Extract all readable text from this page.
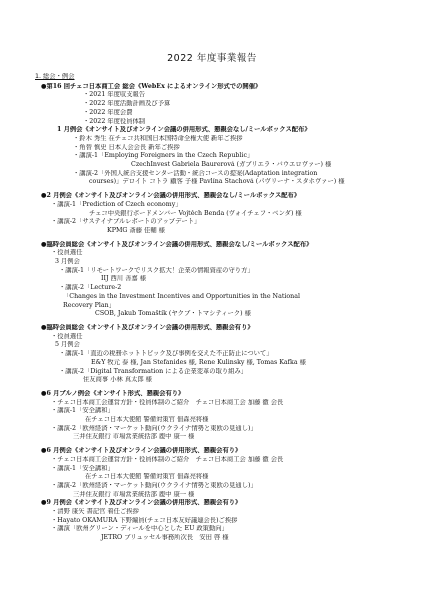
2022 年度事業報告
1. 総会・例会
●第16 回チェコ日本商工会 総会《WebEx によるオンライン形式での開催》
・2021 年度収支報告
・2022 年度活動計画及び予算
・2022 年度会費
・2022 年度役員体制
1 月例会《オンサイト及びオンライン会議の併用形式、懇親会なし/ミールボックス配布》
・鈴木 秀生 在チェコ共和国日本国特命全権大使 新年ご挨拶
・角替 慎史 日本人会会長 新年ご挨拶
・講演-1「Employing Foreigners in the Czech Republic」
CzechInvest Gabriela Baurerová (ガブリエラ・バウエロヴァー) 様
・講演-2「外国人統合支援センター活動・統合コースの提案(Adaptation integration
courses)」デロイト コトラ 顧客 子様 Pavlína Stachová (パヴリーナ・スタホヴァー) 様
●2 月例会《オンサイト及びオンライン会議の併用形式、懇親会なし/ミールボックス配布》
・講演-1「Prediction of Czech economy」
チェコ中央銀行ボードメンバー Vojtěch Benda (ヴォイチェフ・ベンダ) 様
・講演-2「サステイナブルレポートのアップデート」
KPMG 斎藤 佳輔 様
●臨時会員総会《オンサイト及びオンライン会議の併用形式、懇親会なし/ミールボックス配布》
・役員選任
3 月例会
・講演-1「リモートワークでリスク拡大！企業の情報資産の守り方」
IIJ 西川 善嘉 様
・講演-2「Lecture-2
「Changes in the Investment Incentives and Opportunities in the National
Recovery Plan」
CSOB, Jakub Tomaštík (ヤクブ・トマシティーク) 様
●臨時会員総会《オンサイト及びオンライン会議の併用形式、懇親会有り》
・役員選任
5 月例会
・講演-1「直近の税務ホットトピック及び事例を交えた不正防止について」
E&Y 牧元 泰 様, Jan Stefanides 様, Rene Kulinsky 様, Tomas Kafka 様
・講演-2「Digital Transformation による企業変革の取り組み」
住友商事 小林 真太郎 様
●6 月ブルノ例会《オンサイト形式、懇親会有り》
・チェコ日本商工会運営方針・役員体制のご紹介　チェコ日本商工会 加藤 徹 会長
・講演-1「安全講和」
在チェコ日本大使館 警備対策官 佃森亮将様
・講演-2「欧州経済・マーケット動向(ウクライナ情勢と東欧の見通し)」
三井住友銀行 市場営業統括部 鹿中 康一 様
●6 月例会《オンサイト及びオンライン会議の併用形式、懇親会有り》
・チェコ日本商工会運営方針・役員体制のご紹介　チェコ日本商工会 加藤 徹 会長
・講演-1「安全講和」
在チェコ日本大使館 警備対策官 佃森亮将様
・講演-2「欧州経済・マーケット動向(ウクライナ情勢と東欧の見通し)」
三井住友銀行 市場営業統括部 鹿中 康一 様
●9 月例会《オンサイト及びオンライン会議の併用形式、懇親会有り》
・清野 康矢 書記官 着任ご挨拶
・Hayato OKAMURA 下野編員(チェコ日本友好議連会長)ご挨拶
・講演「欧州グリーン・ディールを中心とした EU 政策動向」
JETRO ブリュッセル事務所次長　安田 啓 様
